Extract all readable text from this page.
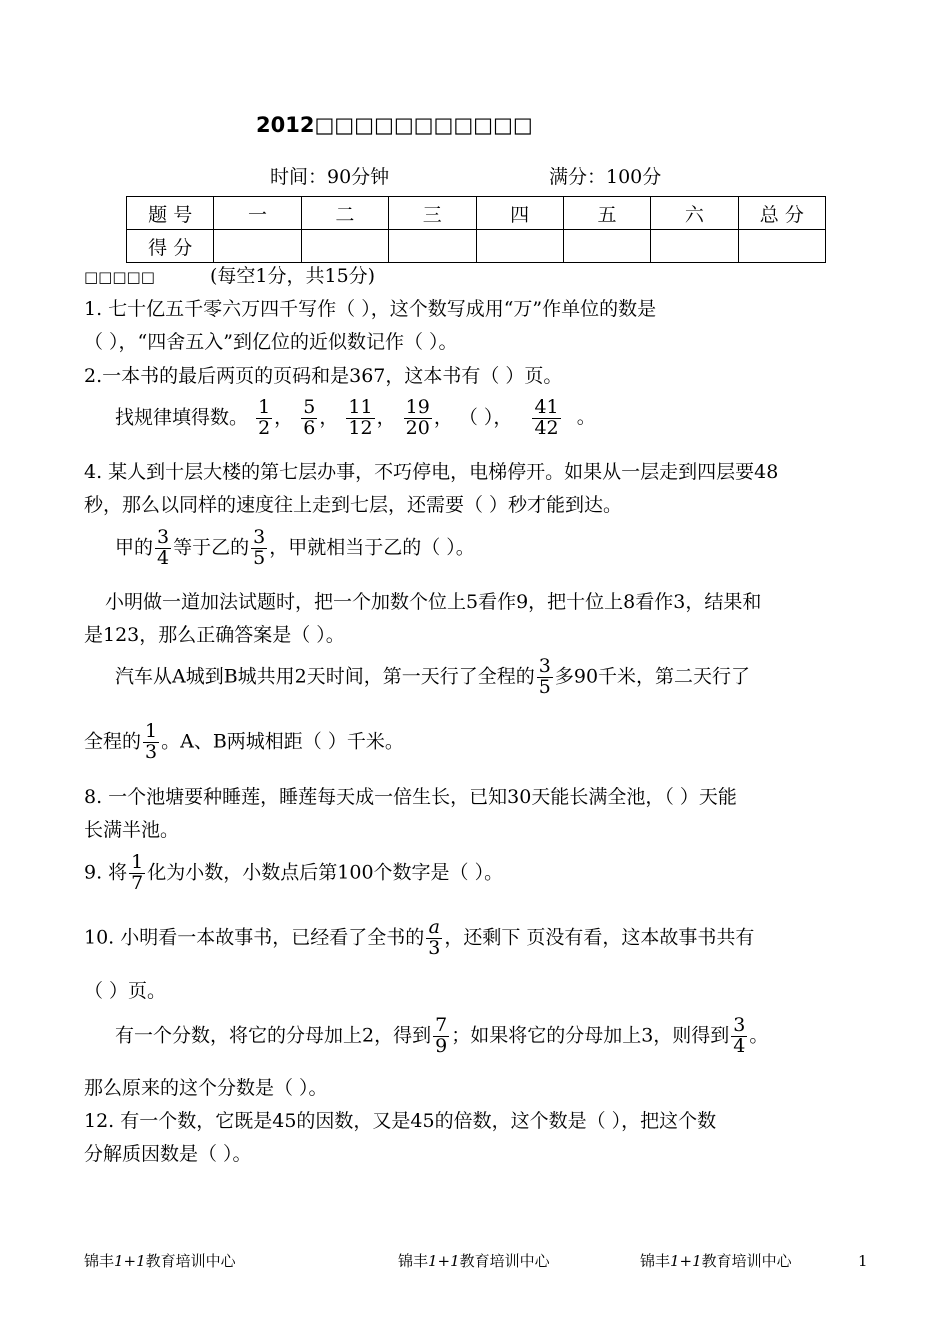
2012□□□□□□□□□□□
时间：90分钟	满分：100分
题 号	一	二	三	四	五	六	总 分
得 分							
□□□□□	(每空1分，共15分)
1. 七十亿五千零六万四千写作（ ），这个数写成用“万”作单位的数是
（ ），“四舍五入”到亿位的近似数记作（ ）。
2.一本书的最后两页的页码和是367，这本书有（ ）页。
找规律填得数。 $\frac{1}{2}$ ， $\frac{5}{6}$ ， $\frac{11}{12}$ ， $\frac{19}{20}$ ， （ ）， $\frac{41}{42}$ 。
4. 某人到十层大楼的第七层办事，不巧停电，电梯停开。如果从一层走到四层要48
秒，那么以同样的速度往上走到七层，还需要（ ）秒才能到达。
甲的 $\frac{3}{4}$ 等于乙的 $\frac{3}{5}$ ，甲就相当于乙的（ ）。
小明做一道加法试题时，把一个加数个位上5看作9，把十位上8看作3，结果和
是123，那么正确答案是（ ）。
汽车从A城到B城共用2天时间，第一天行了全程的 $\frac{3}{5}$ 多90千米，第二天行了
全程的 $\frac{1}{3}$ 。A、B两城相距（ ）千米。
8. 一个池塘要种睡莲，睡莲每天成一倍生长，已知30天能长满全池，（ ）天能
长满半池。
9. 将 $\frac{1}{7}$ 化为小数，小数点后第100个数字是（ ）。
10. 小明看一本故事书，已经看了全书的 $\frac{a}{3}$ ，还剩下 页没有看，这本故事书共有
（ ）页。
有一个分数，将它的分母加上2，得到 $\frac{7}{9}$ ；如果将它的分母加上3，则得到 $\frac{3}{4}$ 。
那么原来的这个分数是（ ）。
12. 有一个数，它既是45的因数，又是45的倍数，这个数是（ ），把这个数
分解质因数是（ ）。
锦丰1+1教育培训中心	锦丰1+1教育培训中心	锦丰1+1教育培训中心	1
